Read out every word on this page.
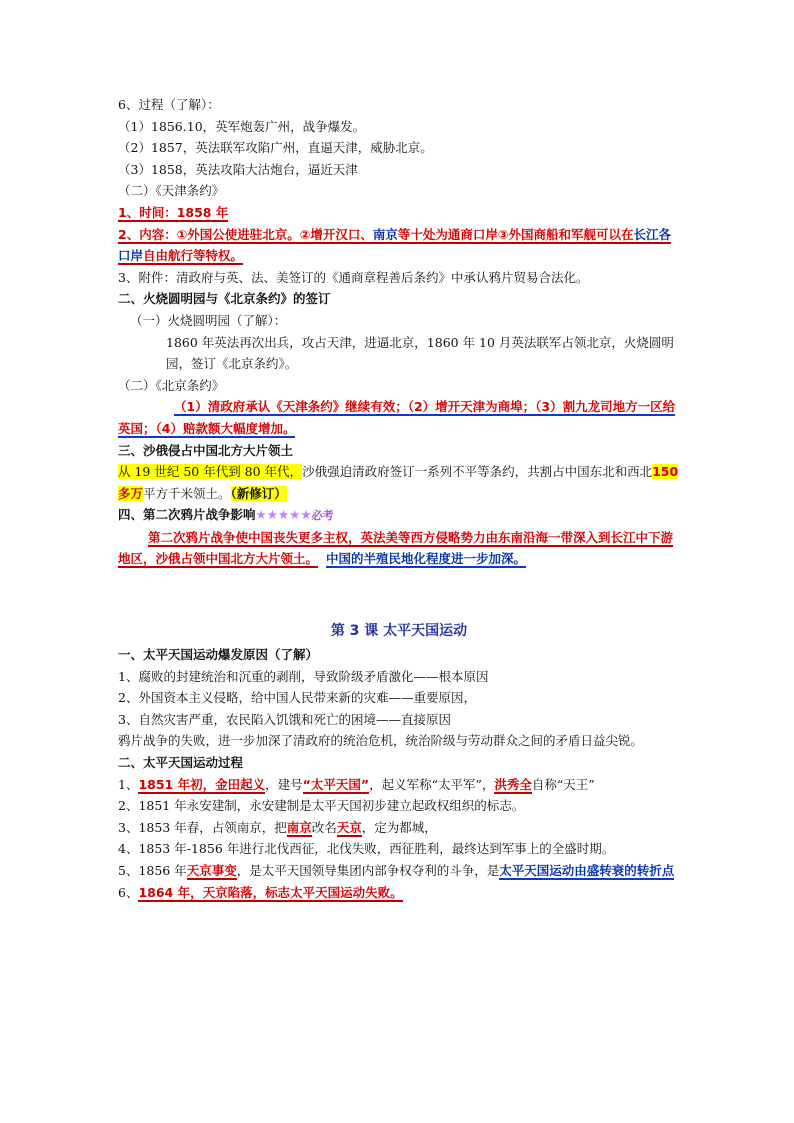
6、过程（了解）：
（1）1856.10，英军炮轰广州，战争爆发。
（2）1857，英法联军攻陷广州，直逼天津，威胁北京。
（3）1858，英法攻陷大沽炮台，逼近天津
（二）《天津条约》
1、时间：1858 年
2、内容：①外国公使进驻北京。②增开汉口、南京等十处为通商口岸③外国商船和军舰可以在长江各口岸自由航行等特权。
3、附件：清政府与英、法、美签订的《通商章程善后条约》中承认鸦片贸易合法化。
二、火烧圆明园与《北京条约》的签订
（一）火烧圆明园（了解）：
1860 年英法再次出兵，攻占天津，进逼北京，1860 年 10 月英法联军占领北京，火烧圆明园，签订《北京条约》。
（二）《北京条约》
（1）清政府承认《天津条约》继续有效；（2）增开天津为商埠；（3）割九龙司地方一区给英国；（4）赔款额大幅度增加。
三、沙俄侵占中国北方大片领土
从 19 世纪 50 年代到 80 年代，沙俄强迫清政府签订一系列不平等条约，共割占中国东北和西北150 多万平方千米领土。（新修订）
四、第二次鸦片战争影响★★★★★必考
第二次鸦片战争使中国丧失更多主权，英法美等西方侵略势力由东南沿海一带深入到长江中下游地区，沙俄占领中国北方大片领土。 中国的半殖民地化程度进一步加深。
第 3 课 太平天国运动
一、太平天国运动爆发原因（了解）
1、腐败的封建统治和沉重的剥削，导致阶级矛盾激化——根本原因
2、外国资本主义侵略，给中国人民带来新的灾难——重要原因，
3、自然灾害严重，农民陷入饥饿和死亡的困境——直接原因
鸦片战争的失败，进一步加深了清政府的统治危机，统治阶级与劳动群众之间的矛盾日益尖锐。
二、太平天国运动过程
1、1851 年初，金田起义，建号“太平天国”，起义军称“太平军”，洪秀全自称“天王”
2、1851 年永安建制，永安建制是太平天国初步建立起政权组织的标志。
3、1853 年春，占领南京，把南京改名天京，定为都城，
4、1853 年-1856 年进行北伐西征，北伐失败，西征胜利，最终达到军事上的全盛时期。
5、1856 年天京事变，是太平天国领导集团内部争权夺利的斗争，是太平天国运动由盛转衰的转折点
6、1864 年，天京陷落，标志太平天国运动失败。
